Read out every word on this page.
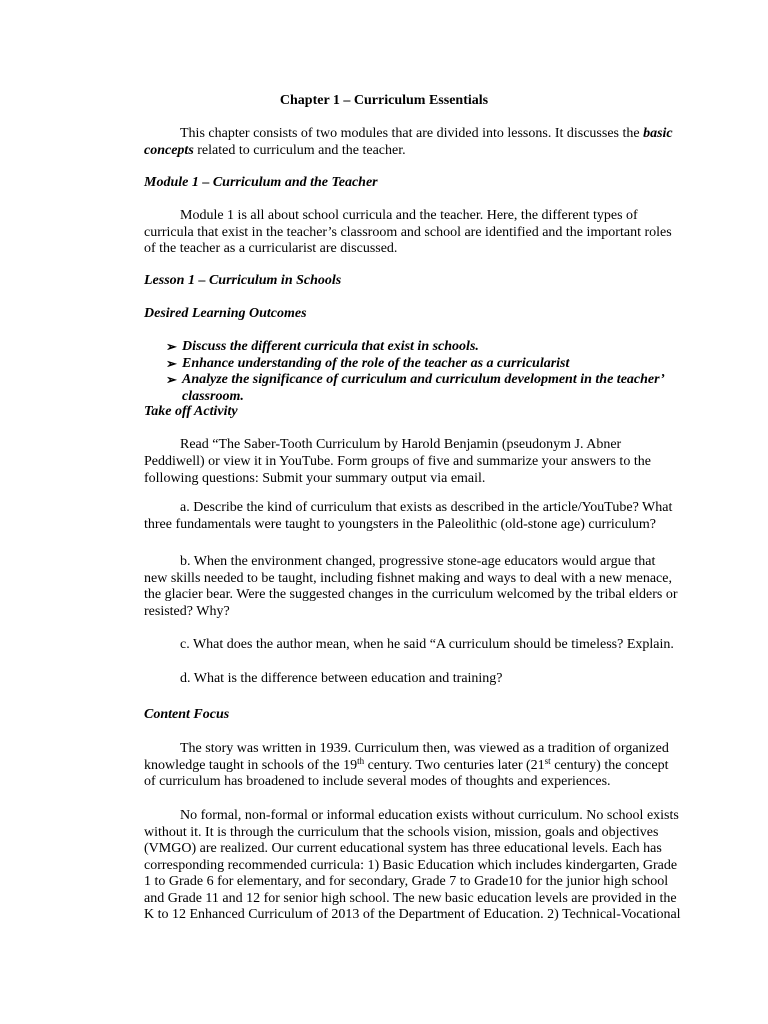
Chapter 1 – Curriculum Essentials

This chapter consists of two modules that are divided into lessons. It discusses the basic concepts related to curriculum and the teacher.

Module 1 – Curriculum and the Teacher

Module 1 is all about school curricula and the teacher. Here, the different types of curricula that exist in the teacher’s classroom and school are identified and the important roles of the teacher as a curricularist are discussed.

Lesson 1 – Curriculum in Schools

Desired Learning Outcomes

➢ Discuss the different curricula that exist in schools.
➢ Enhance understanding of the role of the teacher as a curricularist
➢ Analyze the significance of curriculum and curriculum development in the teacher’ classroom.

Take off Activity

Read “The Saber-Tooth Curriculum by Harold Benjamin (pseudonym J. Abner Peddiwell) or view it in YouTube. Form groups of five and summarize your answers to the following questions: Submit your summary output via email.

a. Describe the kind of curriculum that exists as described in the article/YouTube? What three fundamentals were taught to youngsters in the Paleolithic (old-stone age) curriculum?

b. When the environment changed, progressive stone-age educators would argue that new skills needed to be taught, including fishnet making and ways to deal with a new menace, the glacier bear. Were the suggested changes in the curriculum welcomed by the tribal elders or resisted? Why?

c. What does the author mean, when he said “A curriculum should be timeless? Explain.

d. What is the difference between education and training?

Content Focus

The story was written in 1939. Curriculum then, was viewed as a tradition of organized knowledge taught in schools of the 19th century. Two centuries later (21st century) the concept of curriculum has broadened to include several modes of thoughts and experiences.

No formal, non-formal or informal education exists without curriculum. No school exists without it. It is through the curriculum that the schools vision, mission, goals and objectives (VMGO) are realized. Our current educational system has three educational levels. Each has corresponding recommended curricula: 1) Basic Education which includes kindergarten, Grade 1 to Grade 6 for elementary, and for secondary, Grade 7 to Grade10 for the junior high school and Grade 11 and 12 for senior high school. The new basic education levels are provided in the K to 12 Enhanced Curriculum of 2013 of the Department of Education. 2) Technical-Vocational
